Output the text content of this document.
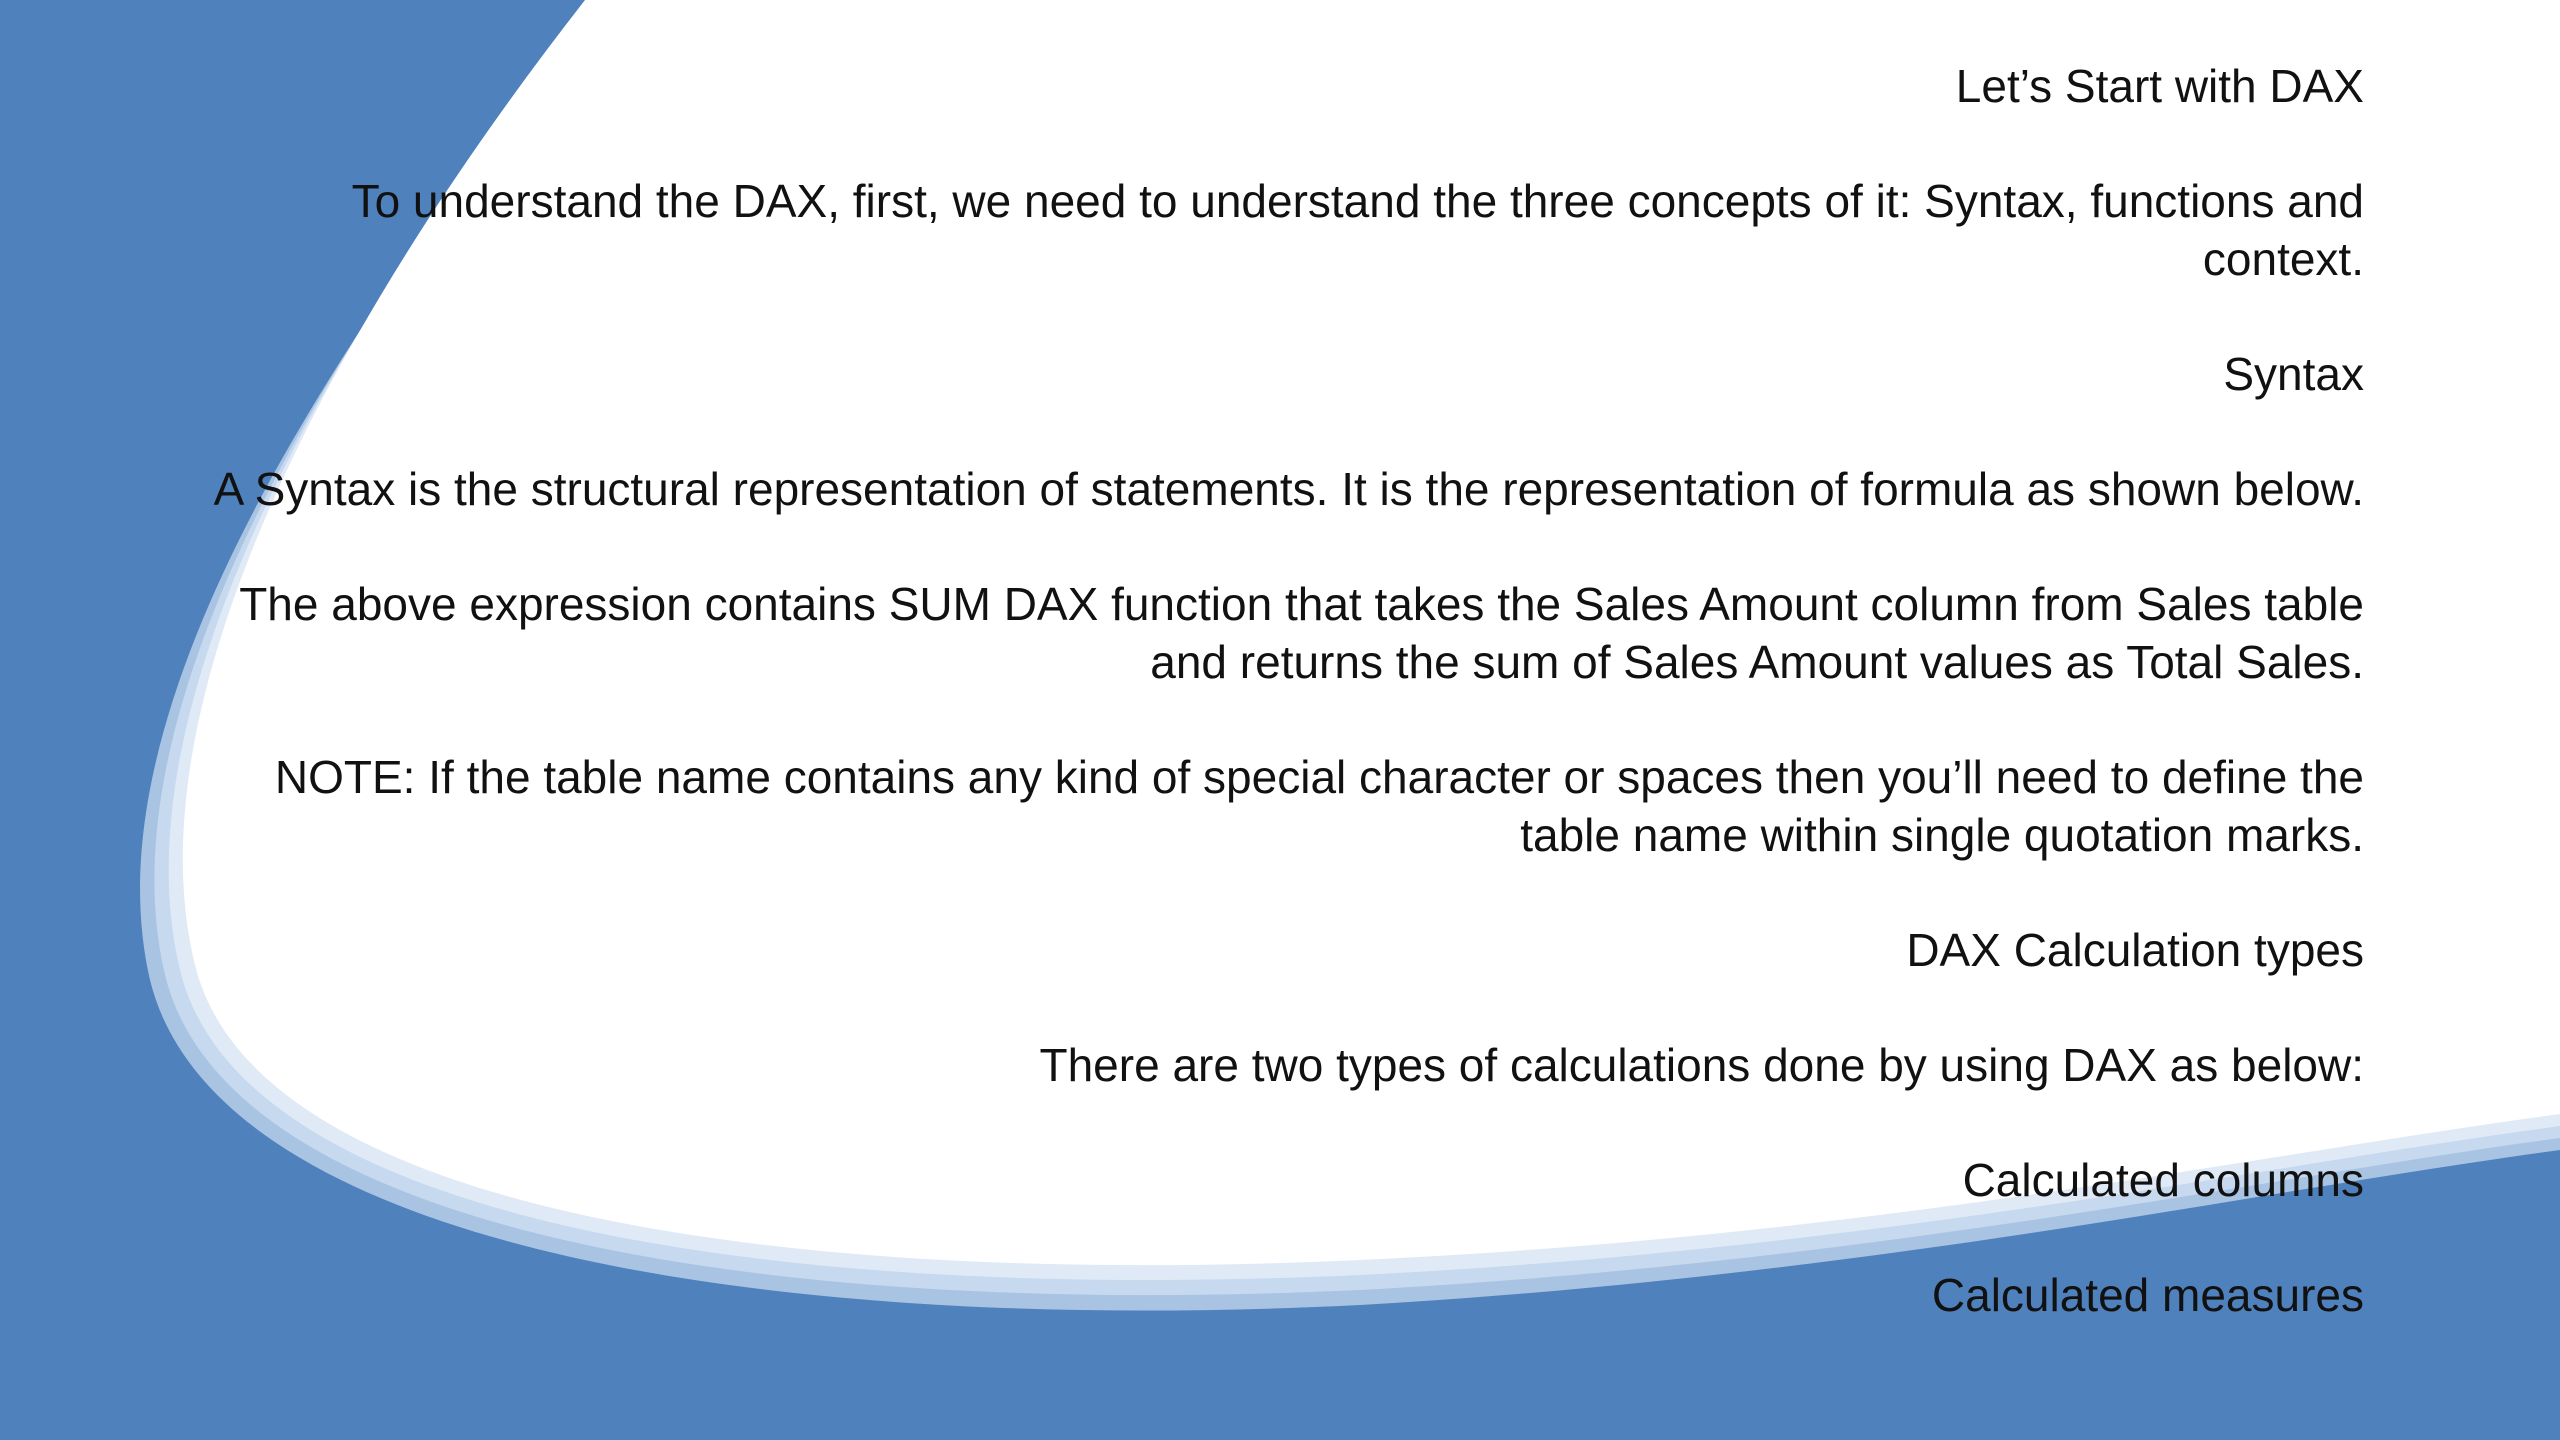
Let’s Start with DAX

To understand the DAX, first, we need to understand the three concepts of it: Syntax, functions and context.

Syntax

A Syntax is the structural representation of statements. It is the representation of formula as shown below.

The above expression contains SUM DAX function that takes the Sales Amount column from Sales table and returns the sum of Sales Amount values as Total Sales.

NOTE: If the table name contains any kind of special character or spaces then you’ll need to define the table name within single quotation marks.

DAX Calculation types

There are two types of calculations done by using DAX as below:

Calculated columns

Calculated measures
